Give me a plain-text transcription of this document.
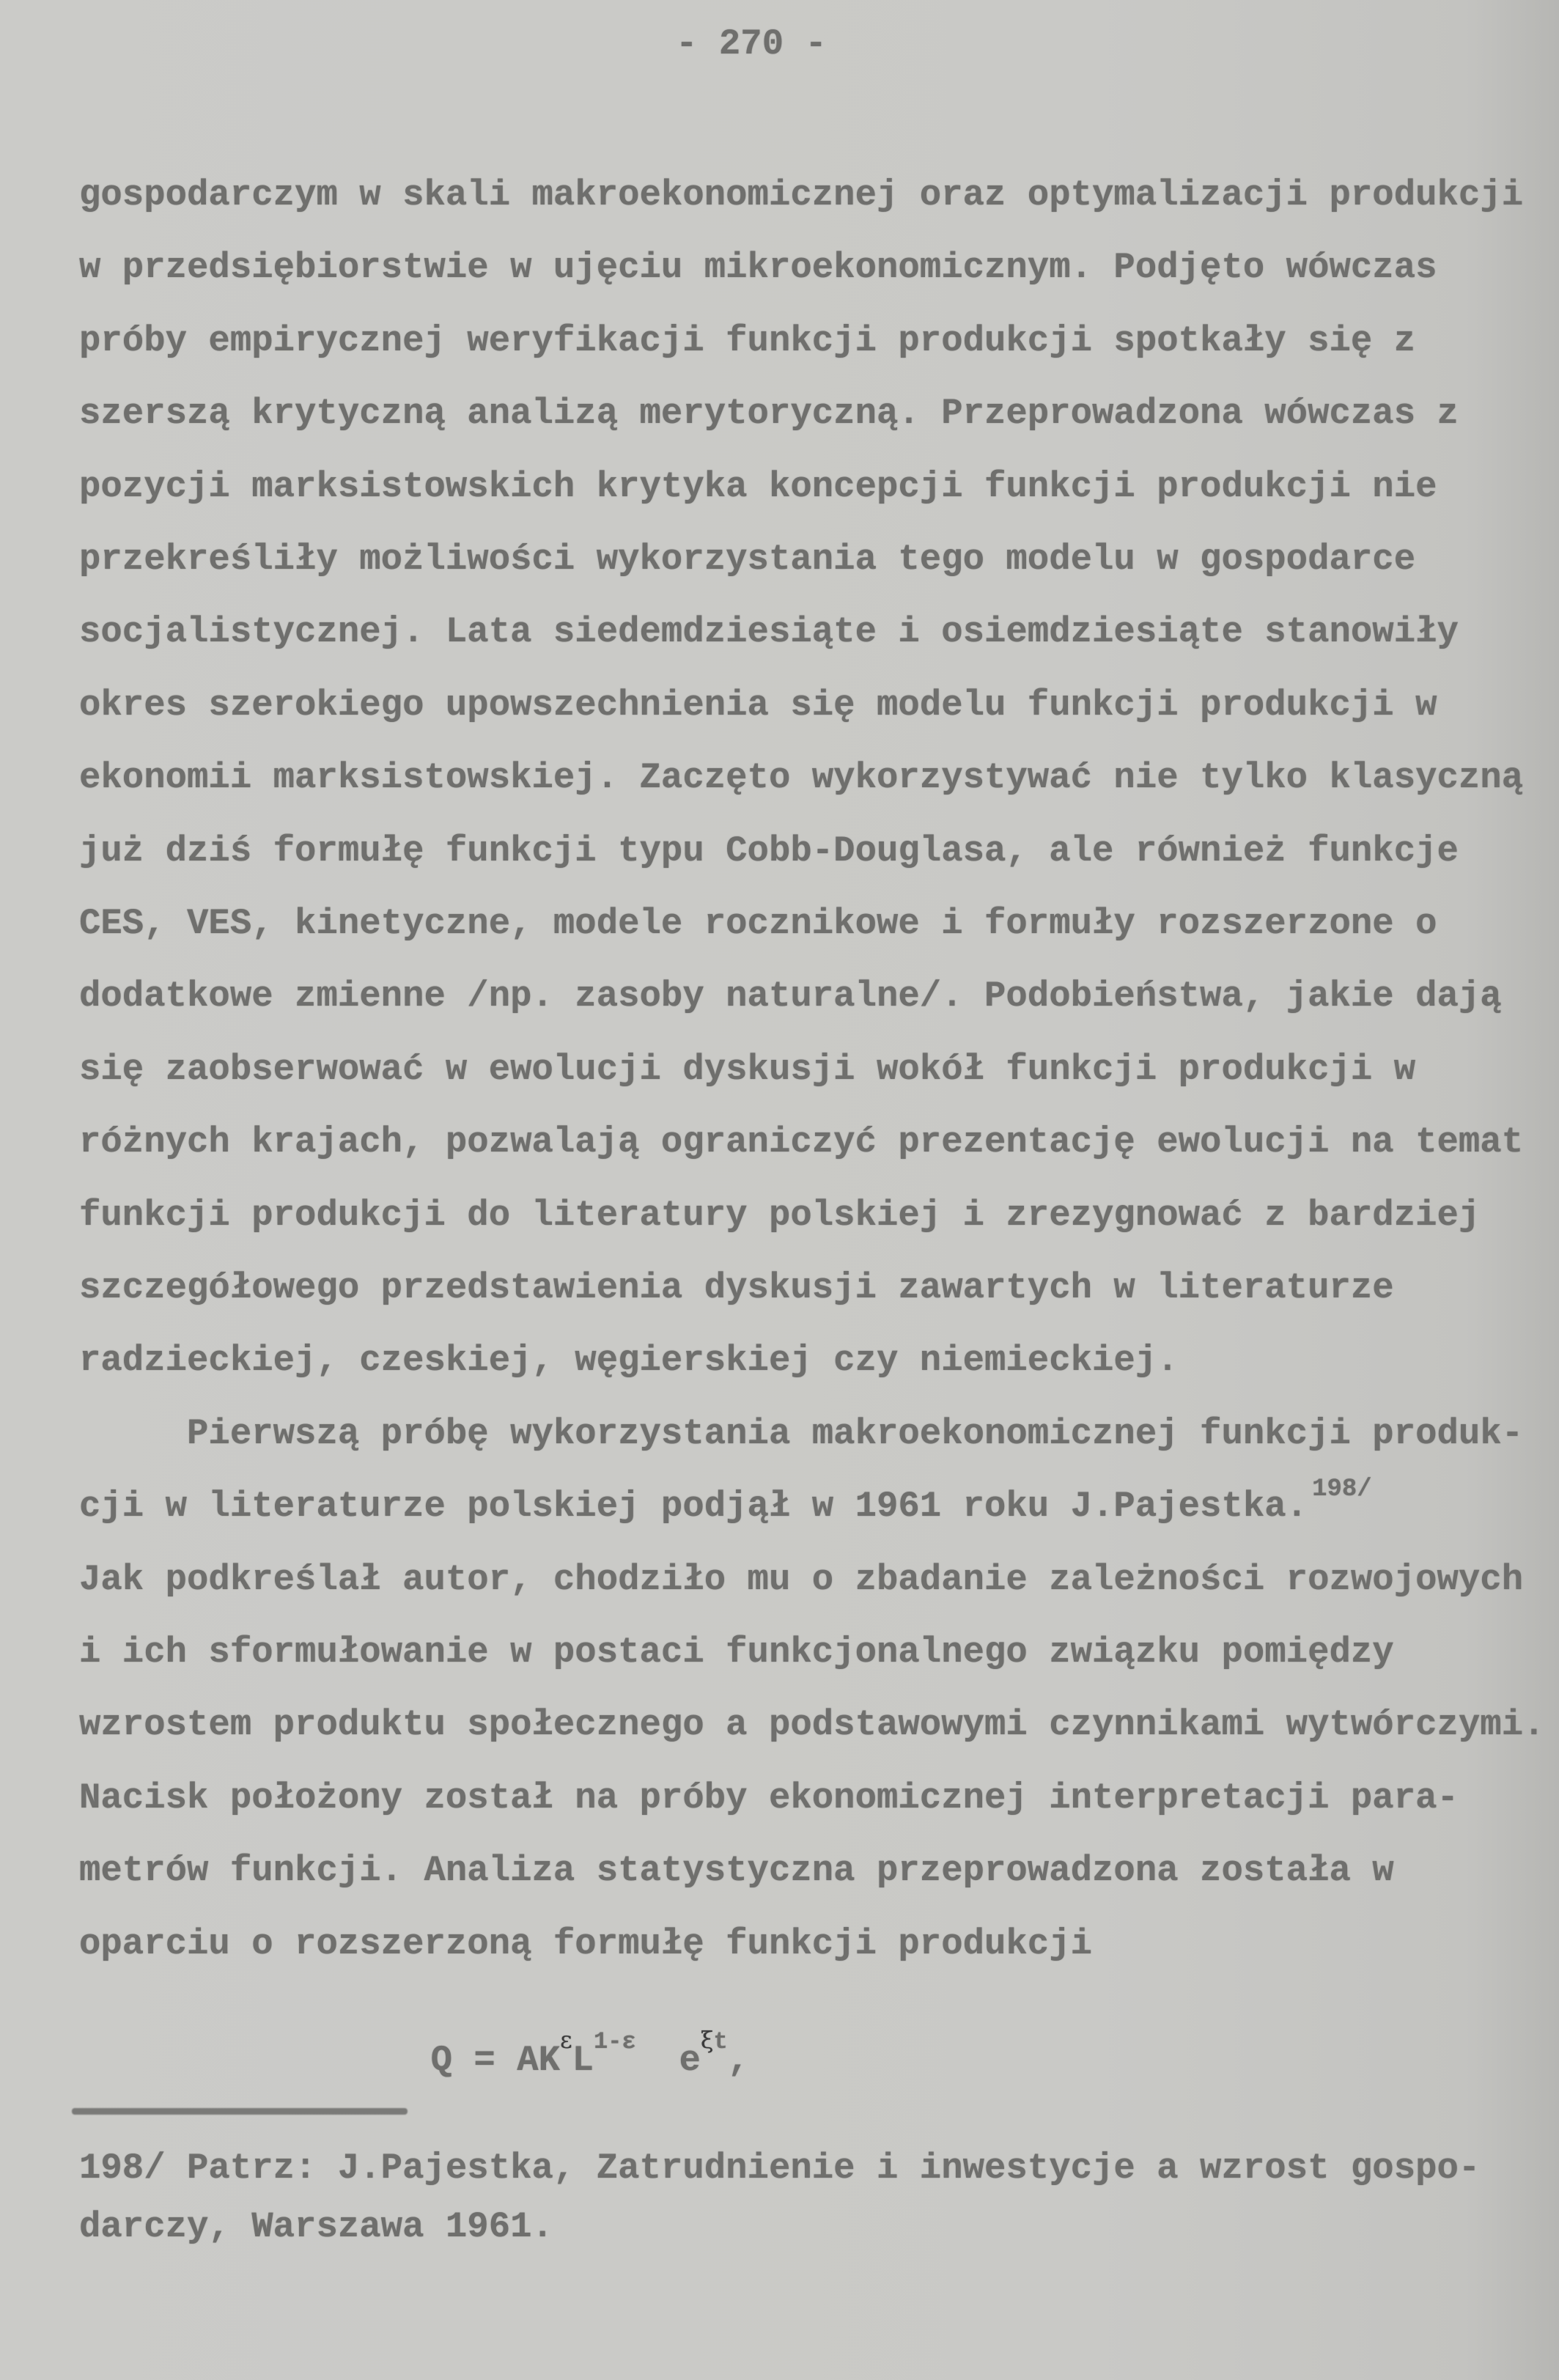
- 270 -
gospodarczym w skali makroekonomicznej oraz optymalizacji produkcji
w przedsiębiorstwie w ujęciu mikroekonomicznym. Podjęto wówczas
próby empirycznej weryfikacji funkcji produkcji spotkały się z
szerszą krytyczną analizą merytoryczną. Przeprowadzona wówczas z
pozycji marksistowskich krytyka koncepcji funkcji produkcji nie
przekreśliły możliwości wykorzystania tego modelu w gospodarce
socjalistycznej. Lata siedemdziesiąte i osiemdziesiąte stanowiły
okres szerokiego upowszechnienia się modelu funkcji produkcji w
ekonomii marksistowskiej. Zaczęto wykorzystywać nie tylko klasyczną
już dziś formułę funkcji typu Cobb-Douglasa, ale również funkcje
CES, VES, kinetyczne, modele rocznikowe i formuły rozszerzone o
dodatkowe zmienne /np. zasoby naturalne/. Podobieństwa, jakie dają
się zaobserwować w ewolucji dyskusji wokół funkcji produkcji w
różnych krajach, pozwalają ograniczyć prezentację ewolucji na temat
funkcji produkcji do literatury polskiej i zrezygnować z bardziej
szczegółowego przedstawienia dyskusji zawartych w literaturze
radzieckiej, czeskiej, węgierskiej czy niemieckiej.
Pierwszą próbę wykorzystania makroekonomicznej funkcji produk-
cji w literaturze polskiej podjął w 1961 roku J.Pajestka. $^{198/}$
Jak podkreślał autor, chodziło mu o zbadanie zależności rozwojowych
i ich sformułowanie w postaci funkcjonalnego związku pomiędzy
wzrostem produktu społecznego a podstawowymi czynnikami wytwórczymi.
Nacisk położony został na próby ekonomicznej interpretacji para-
metrów funkcji. Analiza statystyczna przeprowadzona została w
oparciu o rozszerzoną formułę funkcji produkcji

$Q = AK^\varepsilon L^{1-\varepsilon}$ $e^{\xi t}$,

198/ Patrz: J.Pajestka, Zatrudnienie i inwestycje a wzrost gospo-
darczy, Warszawa 1961.
